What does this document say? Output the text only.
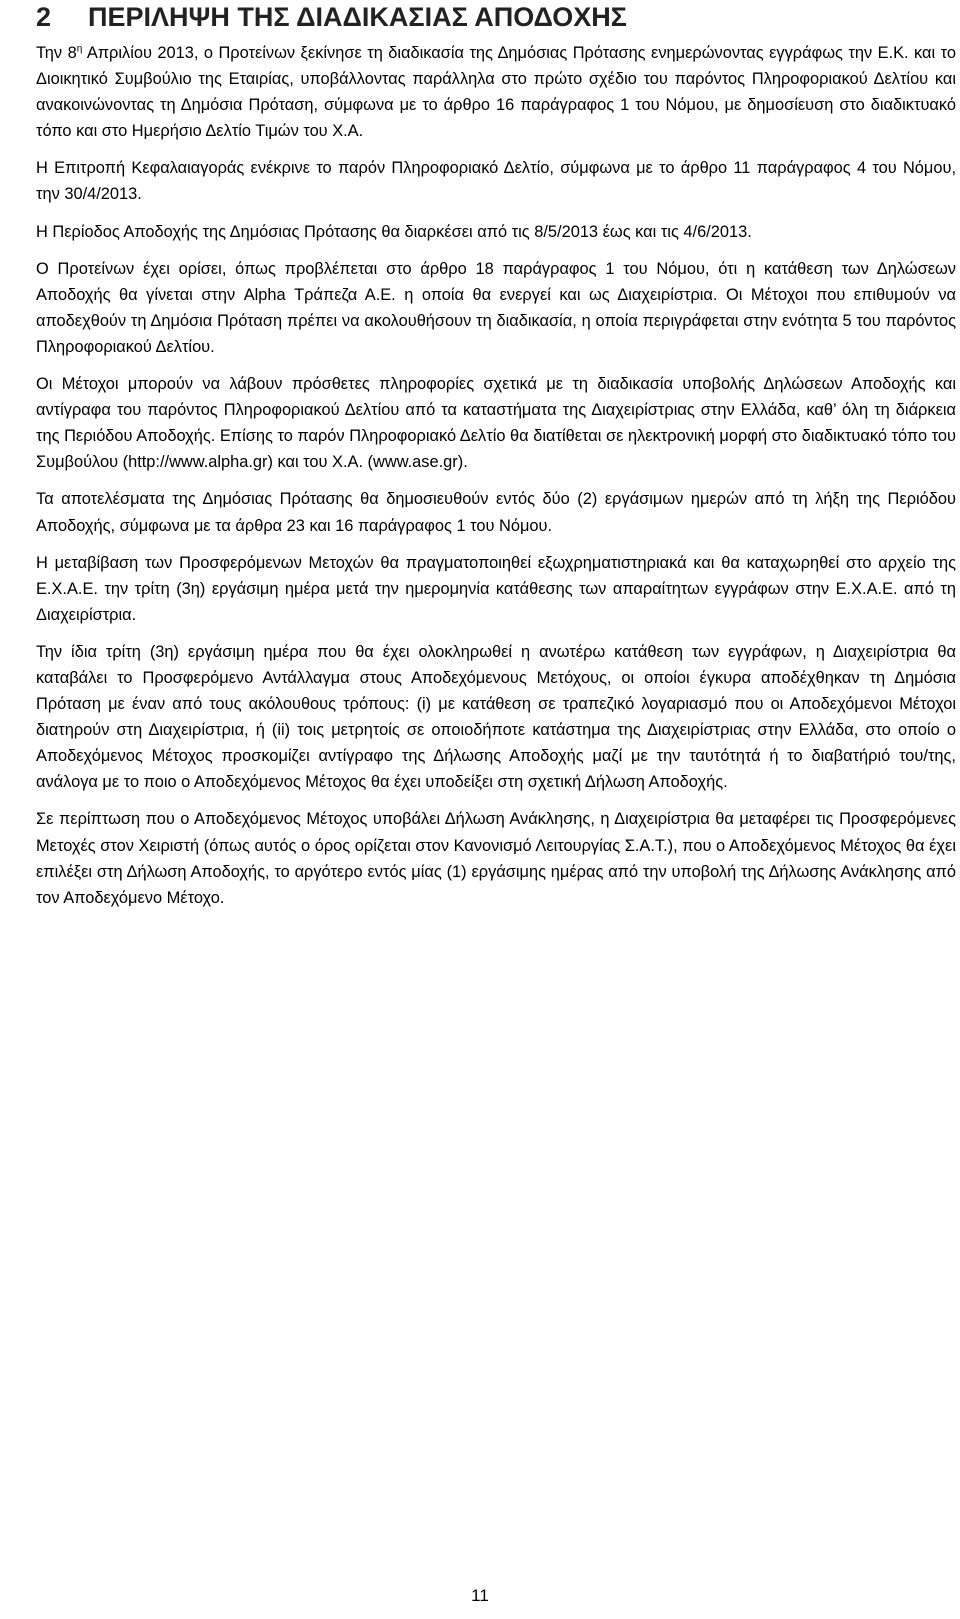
2 ΠΕΡΙΛΗΨΗ ΤΗΣ ΔΙΑΔΙΚΑΣΙΑΣ ΑΠΟΔΟΧΗΣ

Την $8^\eta$ Απριλίου 2013, ο Προτείνων ξεκίνησε τη διαδικασία της Δημόσιας Πρότασης ενημερώνοντας εγγράφως την Ε.Κ. και το Διοικητικό Συμβούλιο της Εταιρίας, υποβάλλοντας παράλληλα στο πρώτο σχέδιο του παρόντος Πληροφοριακού Δελτίου και ανακοινώνοντας τη Δημόσια Πρόταση, σύμφωνα με το άρθρο 16 παράγραφος 1 του Νόμου, με δημοσίευση στο διαδικτυακό τόπο και στο Ημερήσιο Δελτίο Τιμών του Χ.Α.

Η Επιτροπή Κεφαλαιαγοράς ενέκρινε το παρόν Πληροφοριακό Δελτίο, σύμφωνα με το άρθρο 11 παράγραφος 4 του Νόμου, την 30/4/2013.

Η Περίοδος Αποδοχής της Δημόσιας Πρότασης θα διαρκέσει από τις 8/5/2013 έως και τις 4/6/2013.

Ο Προτείνων έχει ορίσει, όπως προβλέπεται στο άρθρο 18 παράγραφος 1 του Νόμου, ότι η κατάθεση των Δηλώσεων Αποδοχής θα γίνεται στην Alpha Τράπεζα Α.Ε. η οποία θα ενεργεί και ως Διαχειρίστρια. Οι Μέτοχοι που επιθυμούν να αποδεχθούν τη Δημόσια Πρόταση πρέπει να ακολουθήσουν τη διαδικασία, η οποία περιγράφεται στην ενότητα 5 του παρόντος Πληροφοριακού Δελτίου.

Οι Μέτοχοι μπορούν να λάβουν πρόσθετες πληροφορίες σχετικά με τη διαδικασία υποβολής Δηλώσεων Αποδοχής και αντίγραφα του παρόντος Πληροφοριακού Δελτίου από τα καταστήματα της Διαχειρίστριας στην Ελλάδα, καθ’ όλη τη διάρκεια της Περιόδου Αποδοχής. Επίσης το παρόν Πληροφοριακό Δελτίο θα διατίθεται σε ηλεκτρονική μορφή στο διαδικτυακό τόπο του Συμβούλου (http://www.alpha.gr) και του Χ.Α. (www.ase.gr).

Τα αποτελέσματα της Δημόσιας Πρότασης θα δημοσιευθούν εντός δύο (2) εργάσιμων ημερών από τη λήξη της Περιόδου Αποδοχής, σύμφωνα με τα άρθρα 23 και 16 παράγραφος 1 του Νόμου.

Η μεταβίβαση των Προσφερόμενων Μετοχών θα πραγματοποιηθεί εξωχρηματιστηριακά και θα καταχωρηθεί στο αρχείο της Ε.Χ.Α.Ε. την τρίτη (3η) εργάσιμη ημέρα μετά την ημερομηνία κατάθεσης των απαραίτητων εγγράφων στην Ε.Χ.Α.Ε. από τη Διαχειρίστρια.

Την ίδια τρίτη (3η) εργάσιμη ημέρα που θα έχει ολοκληρωθεί η ανωτέρω κατάθεση των εγγράφων, η Διαχειρίστρια θα καταβάλει το Προσφερόμενο Αντάλλαγμα στους Αποδεχόμενους Μετόχους, οι οποίοι έγκυρα αποδέχθηκαν τη Δημόσια Πρόταση με έναν από τους ακόλουθους τρόπους: (i) με κατάθεση σε τραπεζικό λογαριασμό που οι Αποδεχόμενοι Μέτοχοι διατηρούν στη Διαχειρίστρια, ή (ii) τοις μετρητοίς σε οποιοδήποτε κατάστημα της Διαχειρίστριας στην Ελλάδα, στο οποίο ο Αποδεχόμενος Μέτοχος προσκομίζει αντίγραφο της Δήλωσης Αποδοχής μαζί με την ταυτότητά ή το διαβατήριό του/της, ανάλογα με το ποιο ο Αποδεχόμενος Μέτοχος θα έχει υποδείξει στη σχετική Δήλωση Αποδοχής.

Σε περίπτωση που ο Αποδεχόμενος Μέτοχος υποβάλει Δήλωση Ανάκλησης, η Διαχειρίστρια θα μεταφέρει τις Προσφερόμενες Μετοχές στον Χειριστή (όπως αυτός ο όρος ορίζεται στον Κανονισμό Λειτουργίας Σ.Α.Τ.), που ο Αποδεχόμενος Μέτοχος θα έχει επιλέξει στη Δήλωση Αποδοχής, το αργότερο εντός μίας (1) εργάσιμης ημέρας από την υποβολή της Δήλωσης Ανάκλησης από τον Αποδεχόμενο Μέτοχο.

11
